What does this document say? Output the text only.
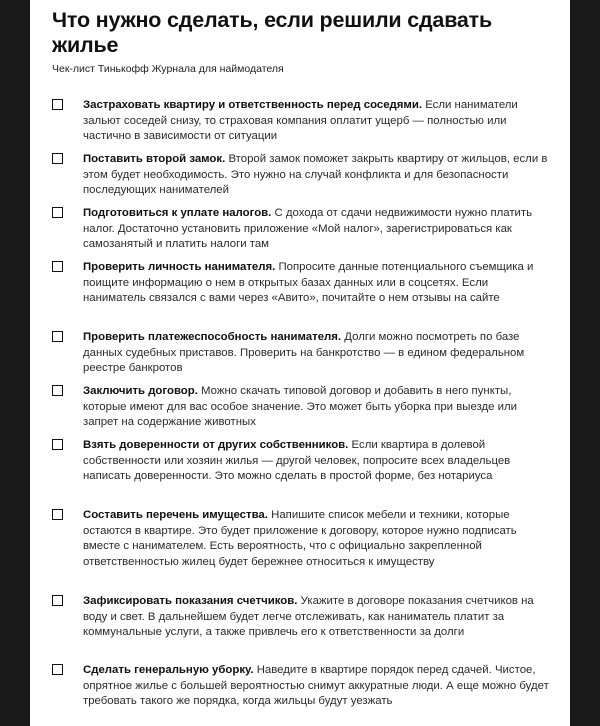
Что нужно сделать, если решили сдавать жилье
Чек-лист Тинькофф Журнала для наймодателя
Застраховать квартиру и ответственность перед соседями. Если наниматели зальют соседей снизу, то страховая компания оплатит ущерб — полностью или частично в зависимости от ситуации
Поставить второй замок. Второй замок поможет закрыть квартиру от жильцов, если в этом будет необходимость. Это нужно на случай конфликта и для безопасности последующих нанимателей
Подготовиться к уплате налогов. С дохода от сдачи недвижимости нужно платить налог. Достаточно установить приложение «Мой налог», зарегистрироваться как самозанятый и платить налоги там
Проверить личность нанимателя. Попросите данные потенциального съемщика и поищите информацию о нем в открытых базах данных или в соцсетях. Если наниматель связался с вами через «Авито», почитайте о нем отзывы на сайте
Проверить платежеспособность нанимателя. Долги можно посмотреть по базе данных судебных приставов. Проверить на банкротство — в едином федеральном реестре банкротов
Заключить договор. Можно скачать типовой договор и добавить в него пункты, которые имеют для вас особое значение. Это может быть уборка при выезде или запрет на содержание животных
Взять доверенности от других собственников. Если квартира в долевой собственности или хозяин жилья — другой человек, попросите всех владельцев написать доверенности. Это можно сделать в простой форме, без нотариуса
Составить перечень имущества. Напишите список мебели и техники, которые остаются в квартире. Это будет приложение к договору, которое нужно подписать вместе с нанимателем. Есть вероятность, что с официально закрепленной ответственностью жилец будет бережнее относиться к имуществу
Зафиксировать показания счетчиков. Укажите в договоре показания счетчиков на воду и свет. В дальнейшем будет легче отслеживать, как наниматель платит за коммунальные услуги, а также привлечь его к ответственности за долги
Сделать генеральную уборку. Наведите в квартире порядок перед сдачей. Чистое, опрятное жилье с большей вероятностью снимут аккуратные люди. А еще можно будет требовать такого же порядка, когда жильцы будут уезжать
